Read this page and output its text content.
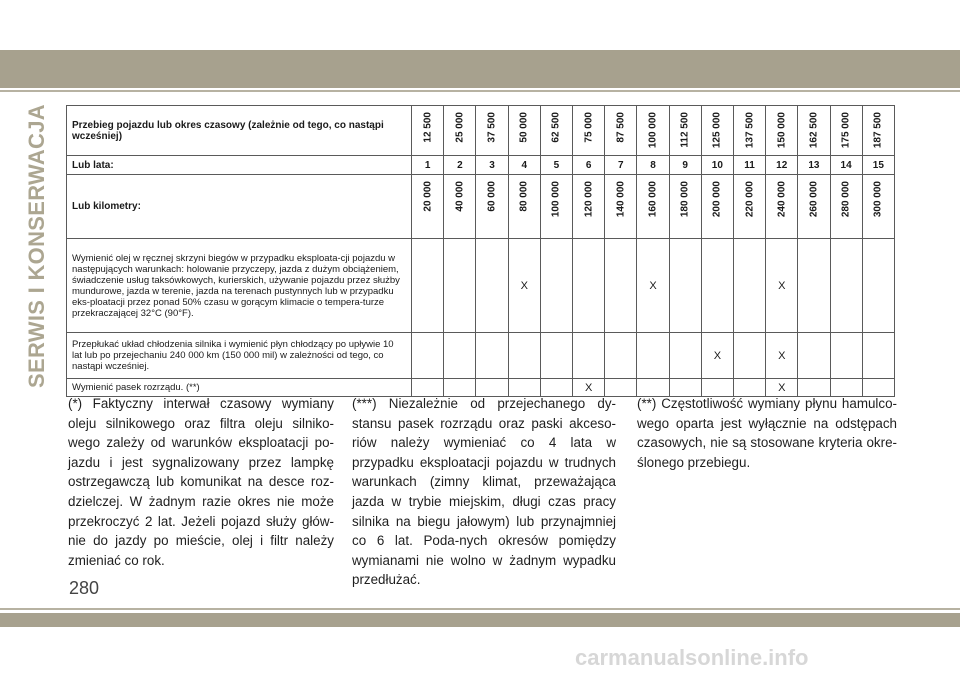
SERWIS I KONSERWACJA Przebieg pojazdu lub okres czasowy (zależnie od tego, co nastąpi wcześniej)	12 500	25 000	37 500	50 000	62 500	75 000	87 500	100 000	112 500	125 000	137 500	150 000	162 500	175 000	187 500

Lub lata:	1	2	3	4	5	6	7	8	9	10	11	12	13	14	15
Lub kilometry:	20 000	40 000	60 000	80 000	100 000	120 000	140 000	160 000	180 000	200 000	220 000	240 000	260 000	280 000	300 000

Wymienić olej w ręcznej skrzyni biegów w przypadku eksploata-cji pojazdu w następujących warunkach: holowanie przyczepy, jazda z dużym obciążeniem, świadczenie usług taksówkowych, kurierskich, używanie pojazdu przez służby mundurowe, jazda w terenie, jazda na terenach pustynnych lub w przypadku eks-ploatacji przez ponad 50% czasu w gorącym klimacie o tempera-turze przekraczającej 32°C (90°F).				X				X				X			
Przepłukać układ chłodzenia silnika i wymienić płyn chłodzący po upływie 10 lat lub po przejechaniu 240 000 km (150 000 mil) w zależności od tego, co nastąpi wcześniej.										X		X			
Wymienić pasek rozrządu. (**)						X						X			
(*) Faktyczny interwał czasowy wymiany oleju silnikowego oraz filtra oleju silniko-wego zależy od warunków eksploatacji po-jazdu i jest sygnalizowany przez lampkę ostrzegawczą lub komunikat na desce roz-dzielczej. W żadnym razie okres nie może przekroczyć 2 lat. Jeżeli pojazd służy głów-nie do jazdy po mieście, olej i filtr należy zmieniać co rok.
(***) Niezależnie od przejechanego dy-stansu pasek rozrządu oraz paski akceso-riów należy wymieniać co 4 lata w przypadku eksploatacji pojazdu w trudnych warunkach (zimny klimat, przeważająca jazda w trybie miejskim, długi czas pracy silnika na biegu jałowym) lub przynajmniej co 6 lat. Poda-nych okresów pomiędzy wymianami nie wolno w żadnym wypadku przedłużać.
(**) Częstotliwość wymiany płynu hamulco-wego oparta jest wyłącznie na odstępach czasowych, nie są stosowane kryteria okre-ślonego przebiegu.
280
carmanualsonline.info
